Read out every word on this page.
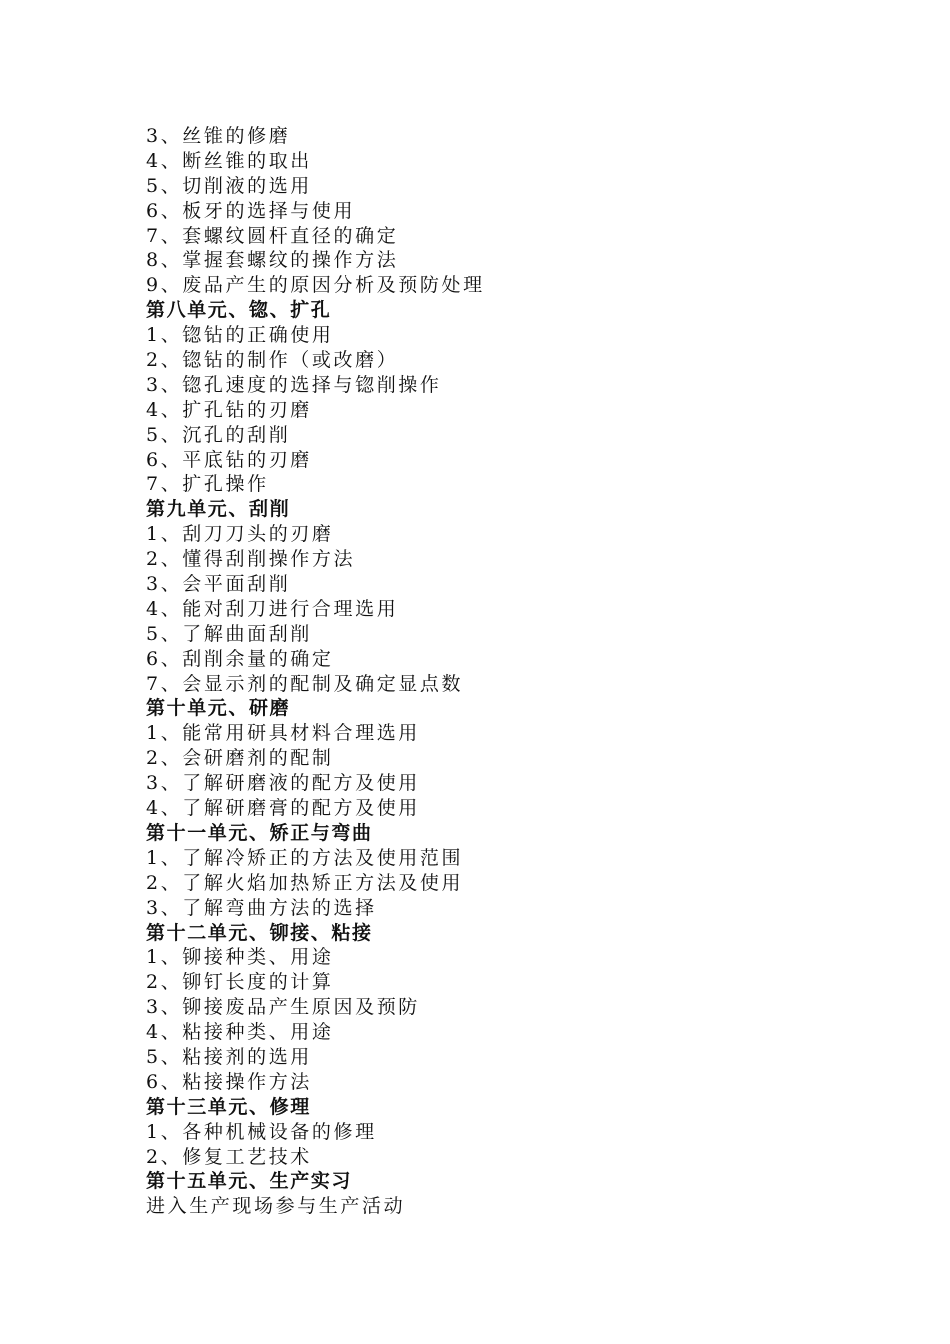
3、丝锥的修磨
4、断丝锥的取出
5、切削液的选用
6、板牙的选择与使用
7、套螺纹圆杆直径的确定
8、掌握套螺纹的操作方法
9、废品产生的原因分析及预防处理
第八单元、锪、扩孔
1、锪钻的正确使用
2、锪钻的制作（或改磨）
3、锪孔速度的选择与锪削操作
4、扩孔钻的刃磨
5、沉孔的刮削
6、平底钻的刃磨
7、扩孔操作
第九单元、刮削
1、刮刀刀头的刃磨
2、懂得刮削操作方法
3、会平面刮削
4、能对刮刀进行合理选用
5、了解曲面刮削
6、刮削余量的确定
7、会显示剂的配制及确定显点数
第十单元、研磨
1、能常用研具材料合理选用
2、会研磨剂的配制
3、了解研磨液的配方及使用
4、了解研磨膏的配方及使用
第十一单元、矫正与弯曲
1、了解冷矫正的方法及使用范围
2、了解火焰加热矫正方法及使用
3、了解弯曲方法的选择
第十二单元、铆接、粘接
1、铆接种类、用途
2、铆钉长度的计算
3、铆接废品产生原因及预防
4、粘接种类、用途
5、粘接剂的选用
6、粘接操作方法
第十三单元、修理
1、各种机械设备的修理
2、修复工艺技术
第十五单元、生产实习
进入生产现场参与生产活动
